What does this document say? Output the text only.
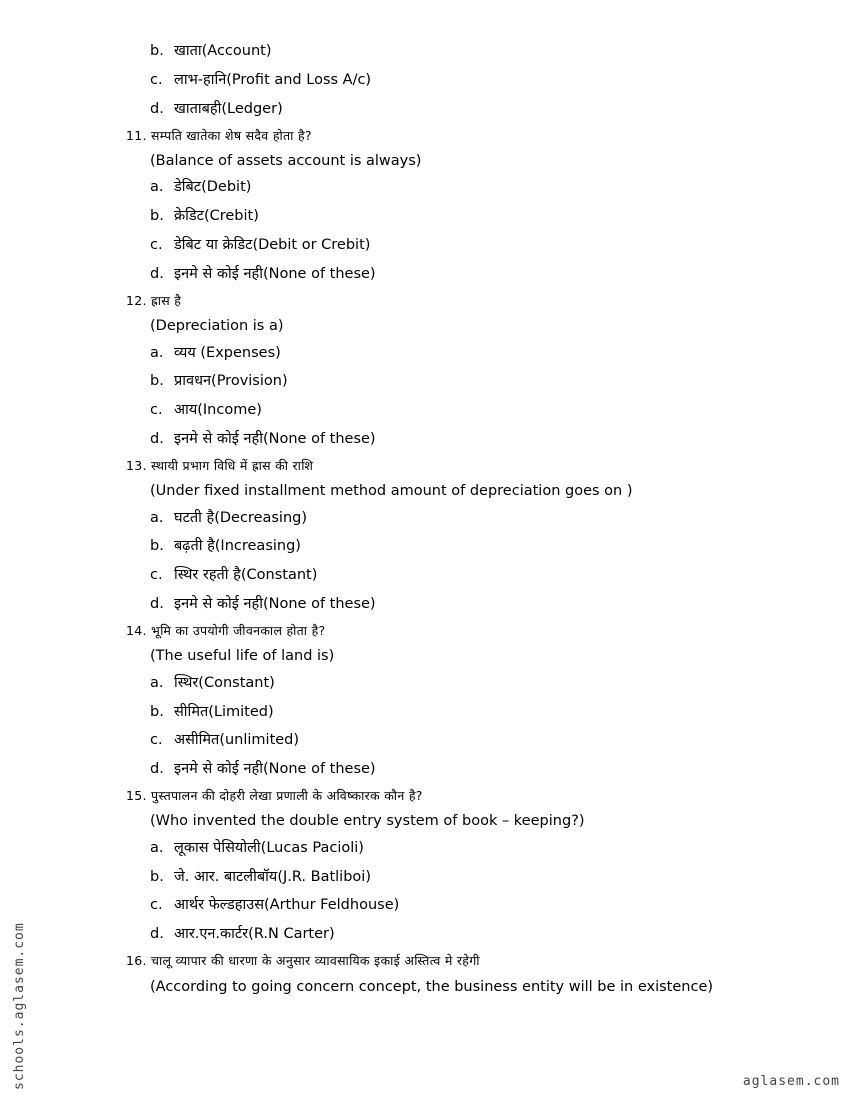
b. खाता(Account)
c. लाभ-हानि(Profit and Loss A/c)
d. खाताबही(Ledger)
11. सम्पति खातेका शेष सदैव होता है?
(Balance of assets account is always)
a. डेबिट(Debit)
b. क्रेडिट(Crebit)
c. डेबिट या क्रेडिट(Debit or Crebit)
d. इनमे से कोई नही(None of these)
12. ह्रास है
(Depreciation is a)
a. व्यय (Expenses)
b. प्रावधन(Provision)
c. आय(Income)
d. इनमे से कोई नही(None of these)
13. स्थायी प्रभाग विधि में ह्रास की राशि
(Under fixed installment method amount of depreciation goes on )
a. घटती है(Decreasing)
b. बढ़ती है(Increasing)
c. स्थिर रहती है(Constant)
d. इनमे से कोई नही(None of these)
14. भूमि का उपयोगी जीवनकाल होता है?
(The useful life of land is)
a. स्थिर(Constant)
b. सीमित(Limited)
c. असीमित(unlimited)
d. इनमे से कोई नही(None of these)
15. पुस्तपालन की दोहरी लेखा प्रणाली के अविष्कारक कौन है?
(Who invented the double entry system of book – keeping?)
a. लूकास पेसियोली(Lucas Pacioli)
b. जे. आर. बाटलीबॉय(J.R. Batliboi)
c. आर्थर फेल्डहाउस(Arthur Feldhouse)
d. आर.एन.कार्टर(R.N Carter)
16. चालू व्यापार की धारणा के अनुसार व्यावसायिक इकाई अस्तित्व मे रहेगी
(According to going concern concept, the business entity will be in existence)
schools.aglasem.com	aglasem.com
